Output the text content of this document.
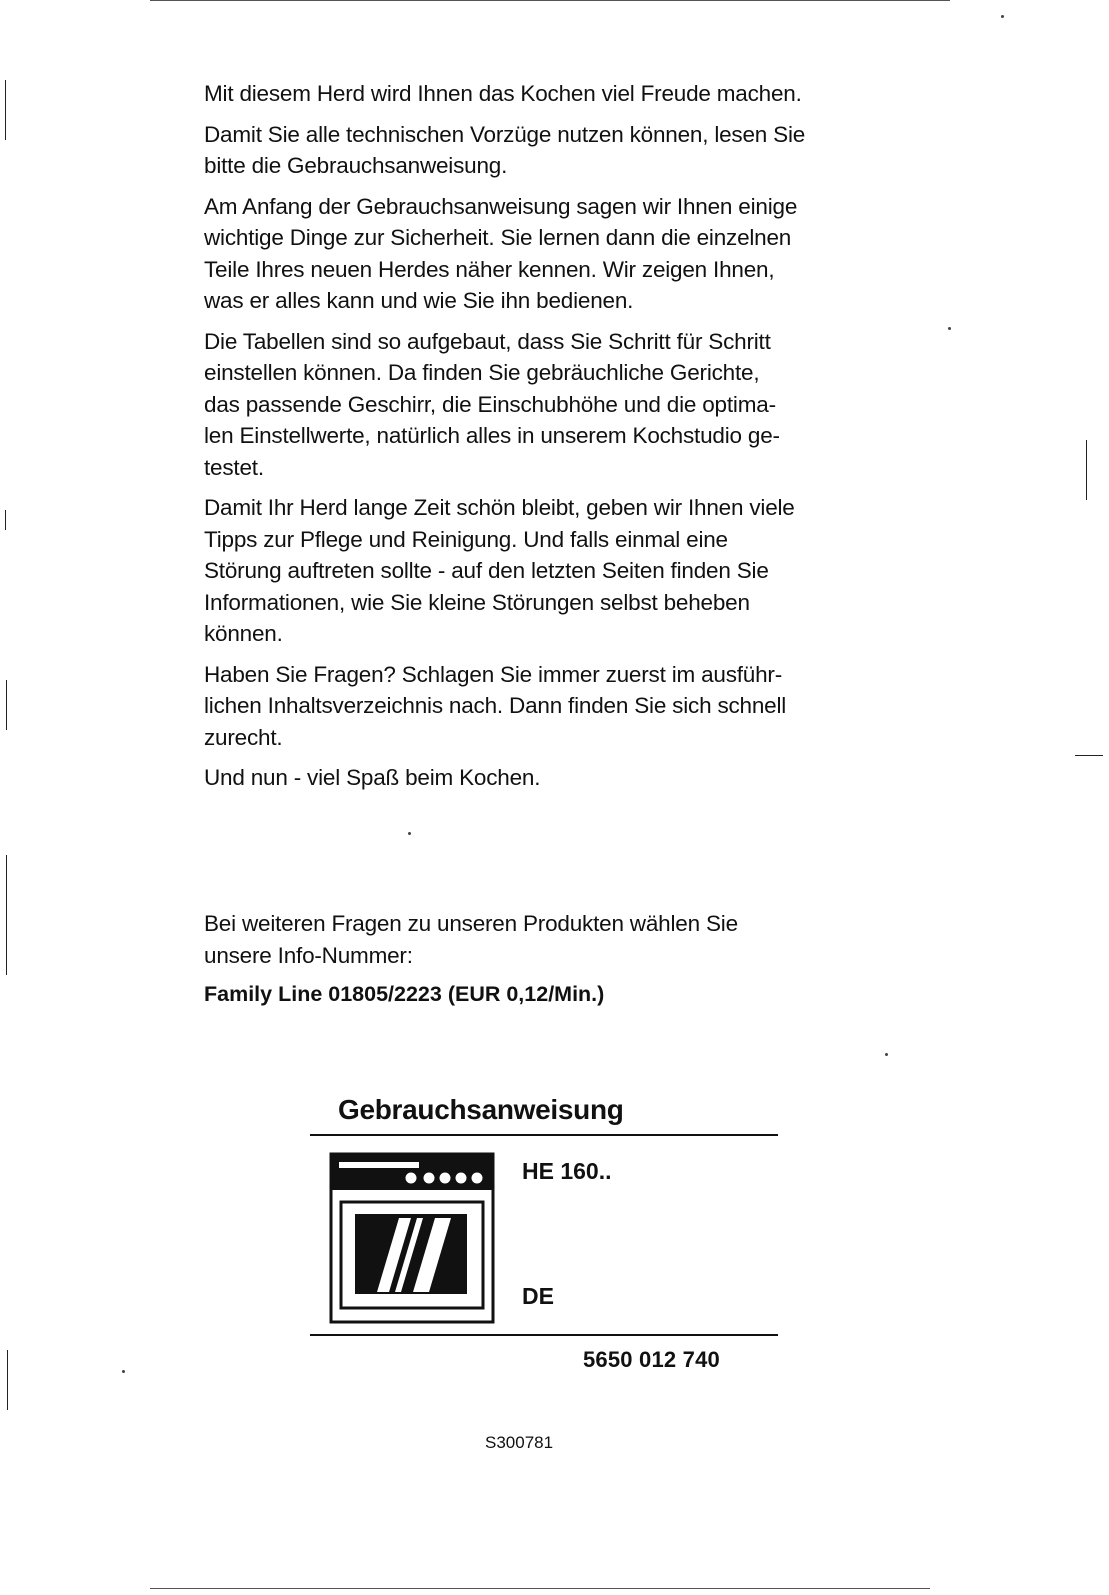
Mit diesem Herd wird Ihnen das Kochen viel Freude machen.

Damit Sie alle technischen Vorzüge nutzen können, lesen Sie
bitte die Gebrauchsanweisung.

Am Anfang der Gebrauchsanweisung sagen wir Ihnen einige
wichtige Dinge zur Sicherheit. Sie lernen dann die einzelnen
Teile Ihres neuen Herdes näher kennen. Wir zeigen Ihnen,
was er alles kann und wie Sie ihn bedienen.

Die Tabellen sind so aufgebaut, dass Sie Schritt für Schritt
einstellen können. Da finden Sie gebräuchliche Gerichte,
das passende Geschirr, die Einschubhöhe und die optima-
len Einstellwerte, natürlich alles in unserem Kochstudio ge-
testet.

Damit Ihr Herd lange Zeit schön bleibt, geben wir Ihnen viele
Tipps zur Pflege und Reinigung. Und falls einmal eine
Störung auftreten sollte - auf den letzten Seiten finden Sie
Informationen, wie Sie kleine Störungen selbst beheben
können.

Haben Sie Fragen? Schlagen Sie immer zuerst im ausführ-
lichen Inhaltsverzeichnis nach. Dann finden Sie sich schnell
zurecht.

Und nun - viel Spaß beim Kochen.

Bei weiteren Fragen zu unseren Produkten wählen Sie
unsere Info-Nummer:

Family Line 01805/2223 (EUR 0,12/Min.)

Gebrauchsanweisung
HE 160..
DE
5650 012 740
S300781
